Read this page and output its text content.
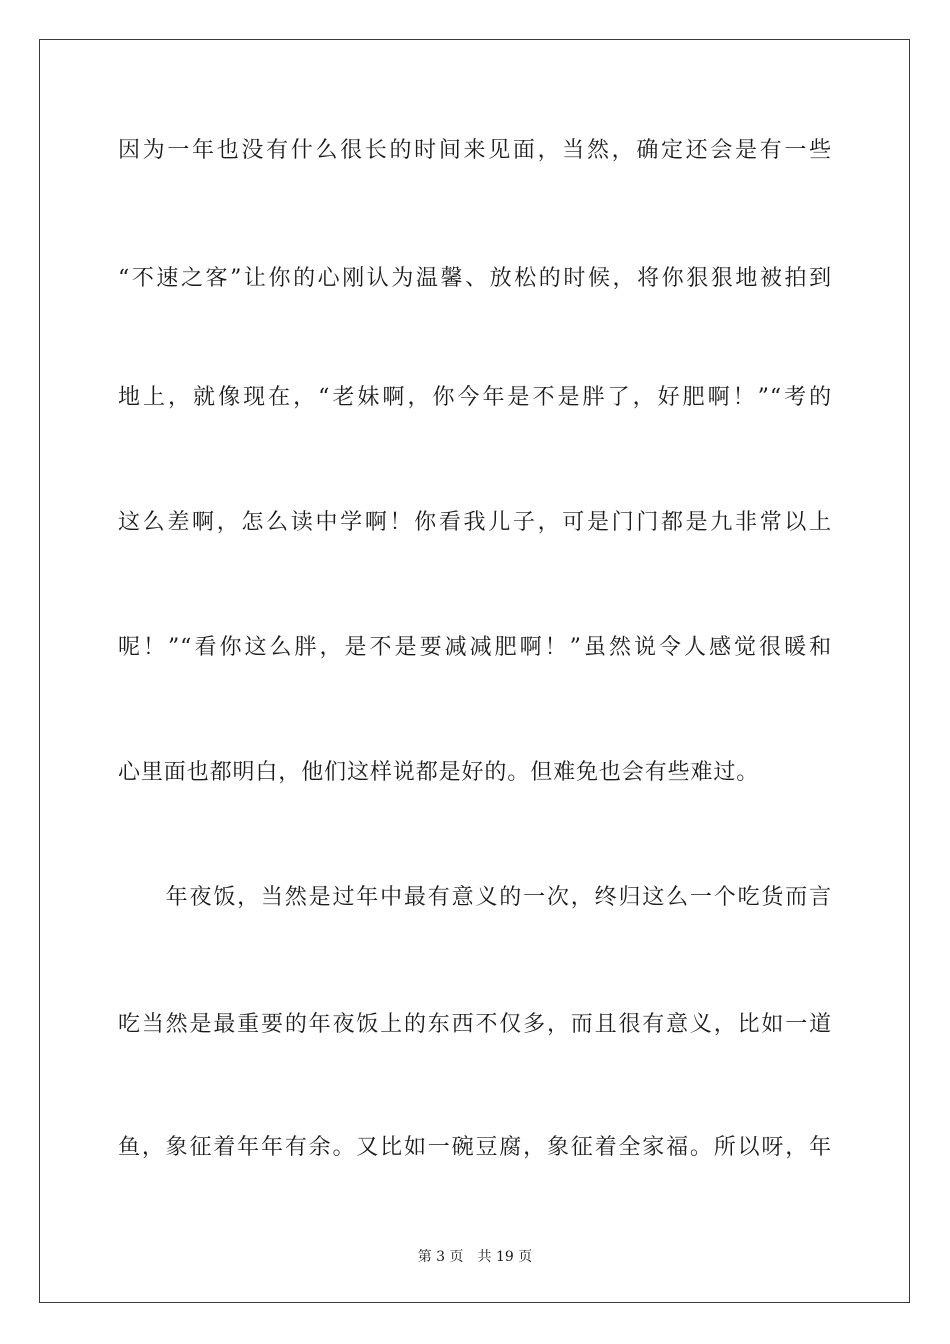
因为一年也没有什么很长的时间来见面，当然，确定还会是有一些
“不速之客”让你的心刚认为温馨、放松的时候，将你狠狠地被拍到
地上，就像现在，“老妹啊，你今年是不是胖了，好肥啊！”“考的
这么差啊，怎么读中学啊！你看我儿子，可是门门都是九非常以上
呢！”“看你这么胖，是不是要减减肥啊！”虽然说令人感觉很暖和
心里面也都明白，他们这样说都是好的。但难免也会有些难过。
　　年夜饭，当然是过年中最有意义的一次，终归这么一个吃货而言
吃当然是最重要的年夜饭上的东西不仅多，而且很有意义，比如一道
鱼，象征着年年有余。又比如一碗豆腐，象征着全家福。所以呀，年
第 3 页 共 19 页
